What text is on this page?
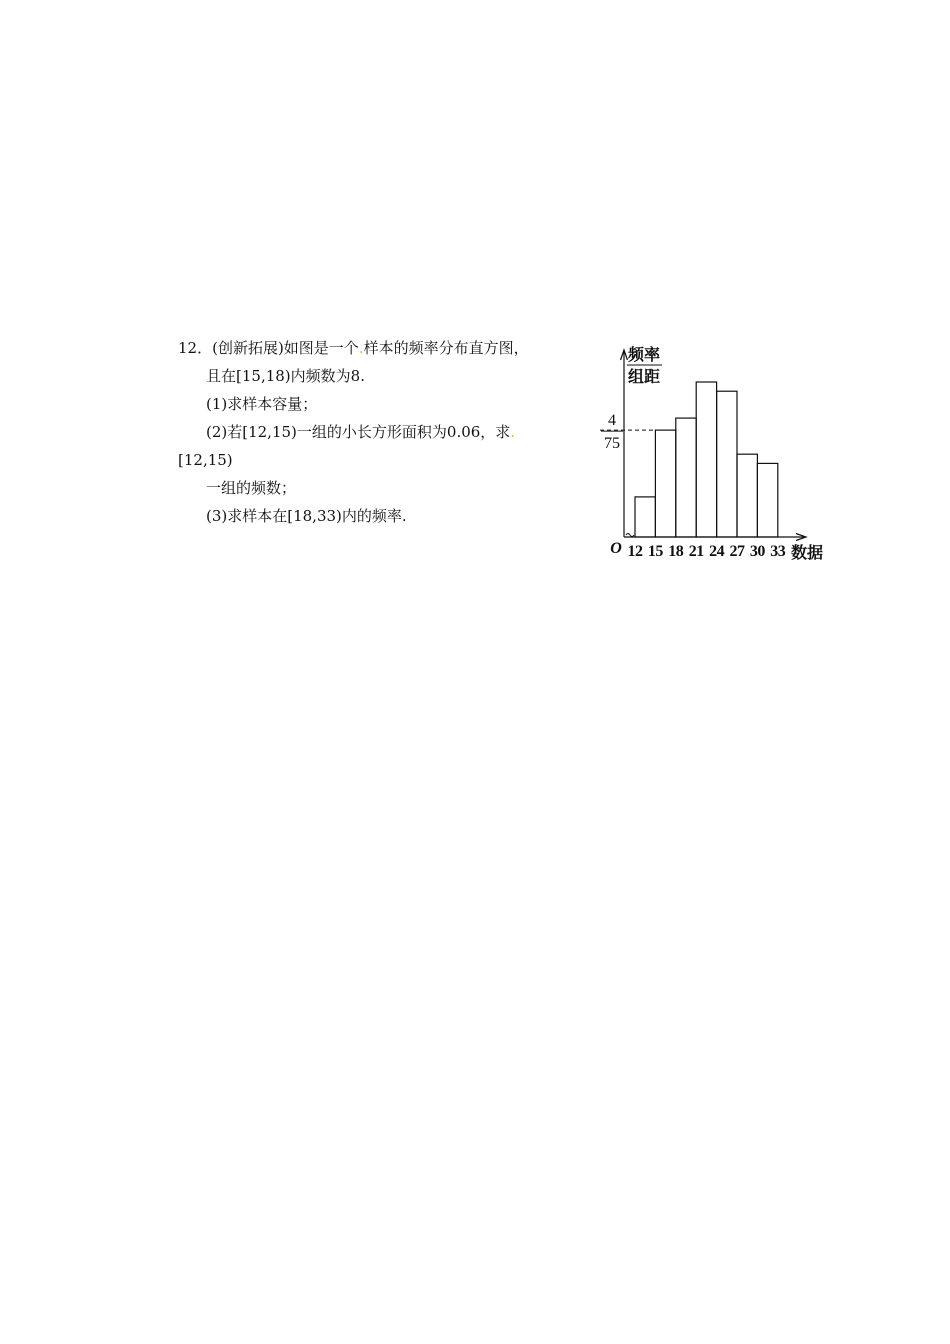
12．(创新拓展)如图是一个.样本的频率分布直方图，
且在[15,18)内频数为8.
(1)求样本容量；
(2)若[12,15)一组的小长方形面积为0.06，求.
[12,15)
一组的频数；
(3)求样本在[18,33)内的频率.
4
75
频率
组距
O 12 15 18 21 24 27 30 33 数据
